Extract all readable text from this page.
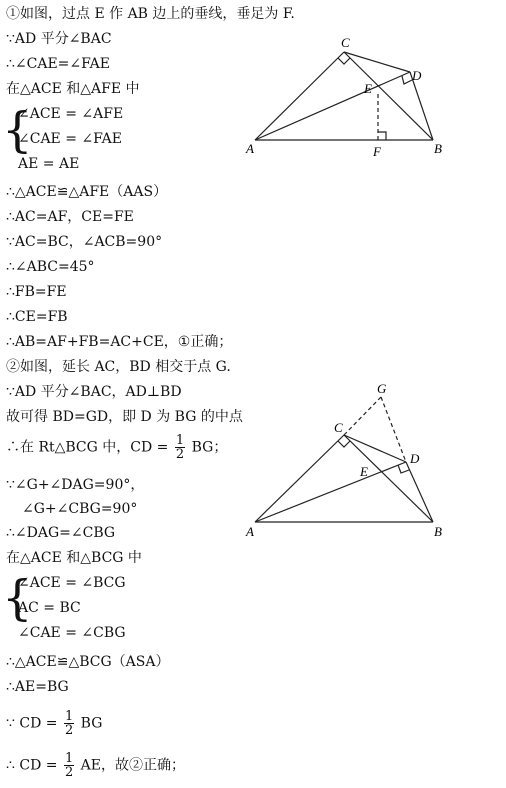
①如图，过点 E 作 AB 边上的垂线，垂足为 F.
∵AD 平分∠BAC
∴∠CAE=∠FAE
在△ACE 和△AFE 中
{
∠ACE = ∠AFE
∠CAE = ∠FAE
AE = AE
∴△ACE≌△AFE（AAS）
∴AC=AF，CE=FE
∵AC=BC，∠ACB=90°
∴∠ABC=45°
∴FB=FE
∴CE=FB
∴AB=AF+FB=AC+CE，①正确；
②如图，延长 AC，BD 相交于点 G.
∵AD 平分∠BAC，AD⊥BD
故可得 BD=GD，即 D 为 BG 的中点
∴在 Rt△BCG 中，CD = $\frac{1}{2}$ BG；
∵∠G+∠DAG=90°，
∠G+∠CBG=90°
∴∠DAG=∠CBG
在△ACE 和△BCG 中
{
∠ACE = ∠BCG
AC = BC
∠CAE = ∠CBG
∴△ACE≌△BCG（ASA）
∴AE=BG
∵ CD = $\frac{1}{2}$ BG
∴ CD = $\frac{1}{2}$ AE，故②正确；
C
D
E
A	F	B
G
C
D
E
A	B
